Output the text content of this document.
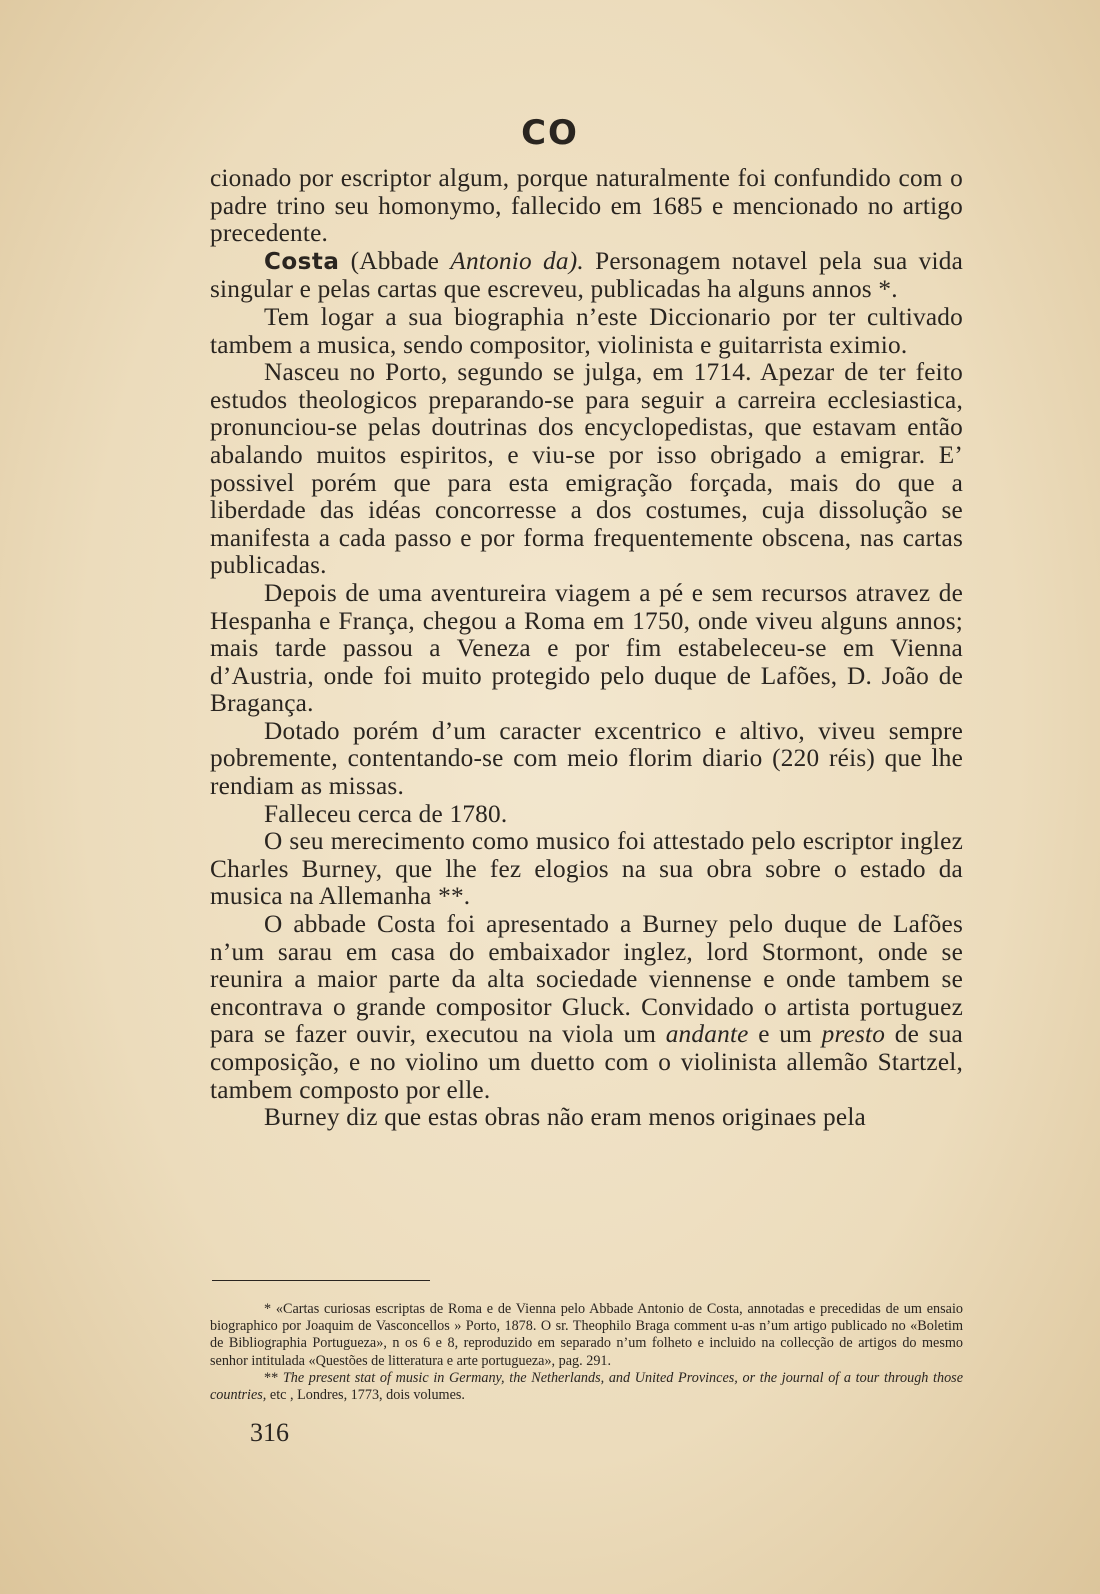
CO

cionado por escriptor algum, porque naturalmente foi confundido com o padre trino seu homonymo, fallecido em 1685 e mencionado no artigo precedente.

Costa (Abbade Antonio da). Personagem notavel pela sua vida singular e pelas cartas que escreveu, publicadas ha alguns annos *.

Tem logar a sua biographia n’este Diccionario por ter cultivado tambem a musica, sendo compositor, violinista e guitarrista eximio.

Nasceu no Porto, segundo se julga, em 1714. Apezar de ter feito estudos theologicos preparando-se para seguir a carreira ecclesiastica, pronunciou-se pelas doutrinas dos encyclopedistas, que estavam então abalando muitos espiritos, e viu-se por isso obrigado a emigrar. E’ possivel porém que para esta emigração forçada, mais do que a liberdade das idéas concorresse a dos costumes, cuja dissolução se manifesta a cada passo e por forma frequentemente obscena, nas cartas publicadas.

Depois de uma aventureira viagem a pé e sem recursos atravez de Hespanha e França, chegou a Roma em 1750, onde viveu alguns annos; mais tarde passou a Veneza e por fim estabeleceu-se em Vienna d’Austria, onde foi muito protegido pelo duque de Lafões, D. João de Bragança.

Dotado porém d’um caracter excentrico e altivo, viveu sempre pobremente, contentando-se com meio florim diario (220 réis) que lhe rendiam as missas.

Falleceu cerca de 1780.

O seu merecimento como musico foi attestado pelo escriptor inglez Charles Burney, que lhe fez elogios na sua obra sobre o estado da musica na Allemanha **.

O abbade Costa foi apresentado a Burney pelo duque de Lafões n’um sarau em casa do embaixador inglez, lord Stormont, onde se reunira a maior parte da alta sociedade viennense e onde tambem se encontrava o grande compositor Gluck. Convidado o artista portuguez para se fazer ouvir, executou na viola um andante e um presto de sua composição, e no violino um duetto com o violinista allemão Startzel, tambem composto por elle.

Burney diz que estas obras não eram menos originaes pela

* «Cartas curiosas escriptas de Roma e de Vienna pelo Abbade Antonio de Costa, annotadas e precedidas de um ensaio biographico por Joaquim de Vasconcellos » Porto, 1878. O sr. Theophilo Braga comment u-as n’um artigo publicado no «Boletim de Bibliographia Portugueza», n os 6 e 8, reproduzido em separado n’um folheto e incluido na collecção de artigos do mesmo senhor intitulada «Questões de litteratura e arte portugueza», pag. 291.

** The present stat of music in Germany, the Netherlands, and United Provinces, or the journal of a tour through those countries, etc , Londres, 1773, dois volumes.

316
